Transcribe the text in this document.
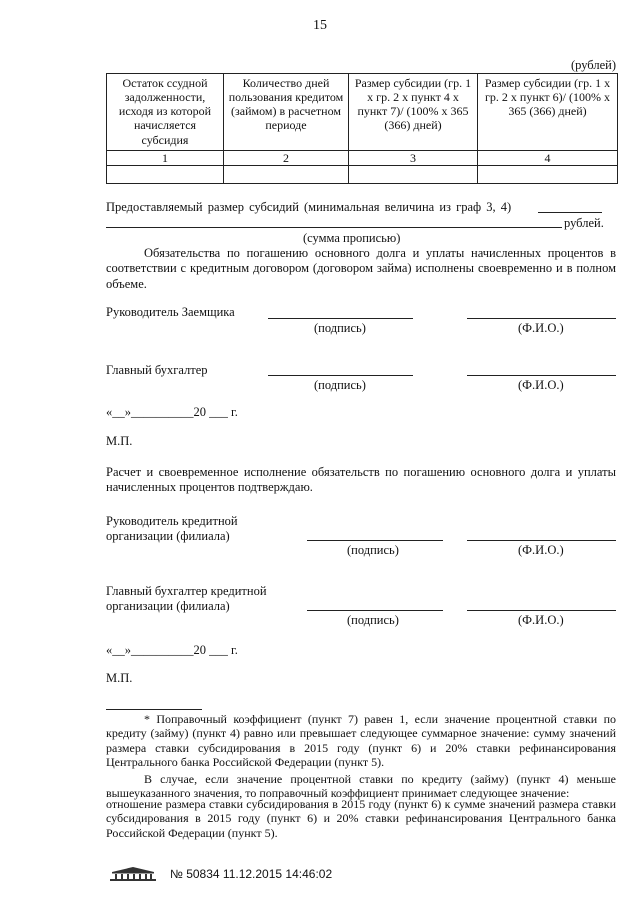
15
(рублей)
Остаток ссудной задолженности, исходя из которой начисляется субсидия	Количество дней пользования кредитом (займом) в расчетном периоде	Размер субсидии (гр. 1 х гр. 2 х пункт 4 х пункт 7)/ (100% х 365 (366) дней)	Размер субсидии (гр. 1 х гр. 2 х пункт 6)/ (100% х 365 (366) дней)
1	2	3	4

Предоставляемый размер субсидий (минимальная величина из граф 3, 4)
рублей.
(сумма прописью)
Обязательства по погашению основного долга и уплаты начисленных процентов в соответствии с кредитным договором (договором займа) исполнены своевременно и в полном объеме.
Руководитель Заемщика
(подпись)	(Ф.И.О.)
Главный бухгалтер
(подпись)	(Ф.И.О.)
«__»__________20 ___ г.
М.П.
Расчет и своевременное исполнение обязательств по погашению основного долга и уплаты начисленных процентов подтверждаю.
Руководитель кредитной
организации (филиала)
(подпись)	(Ф.И.О.)
Главный бухгалтер кредитной
организации (филиала)
(подпись)	(Ф.И.О.)
«__»__________20 ___ г.
М.П.
* Поправочный коэффициент (пункт 7) равен 1, если значение процентной ставки по кредиту (займу) (пункт 4) равно или превышает следующее суммарное значение: сумму значений размера ставки субсидирования в 2015 году (пункт 6) и 20% ставки рефинансирования Центрального банка Российской Федерации (пункт 5).
В случае, если значение процентной ставки по кредиту (займу) (пункт 4) меньше вышеуказанного значения, то поправочный коэффициент принимает следующее значение:
отношение размера ставки субсидирования в 2015 году (пункт 6) к сумме значений размера ставки субсидирования в 2015 году (пункт 6) и 20% ставки рефинансирования Центрального банка Российской Федерации (пункт 5).
№ 50834 11.12.2015 14:46:02
